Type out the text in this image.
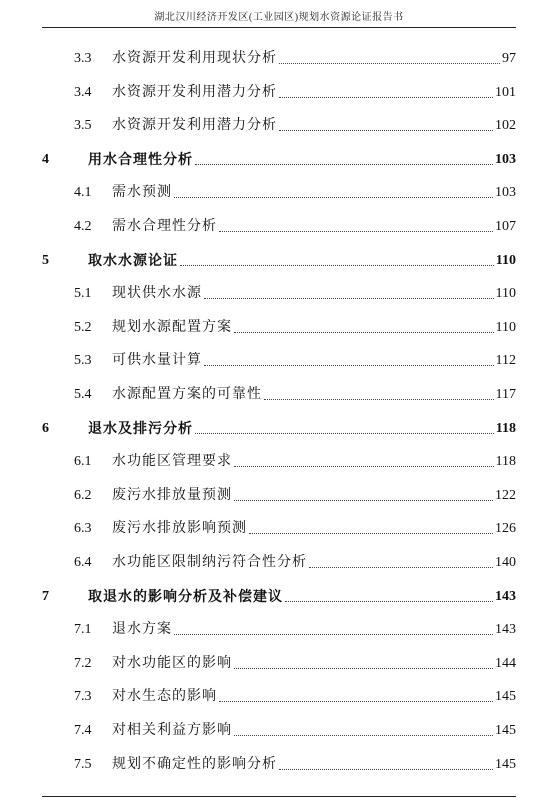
湖北汉川经济开发区(工业园区)规划水资源论证报告书
3.3 水资源开发利用现状分析	97
3.4 水资源开发利用潜力分析	101
3.5 水资源开发利用潜力分析	102
4	用水合理性分析	103
4.1 需水预测	103
4.2 需水合理性分析	107
5	取水水源论证	110
5.1 现状供水水源	110
5.2 规划水源配置方案	110
5.3 可供水量计算	112
5.4 水源配置方案的可靠性	117
6	退水及排污分析	118
6.1 水功能区管理要求	118
6.2 废污水排放量预测	122
6.3 废污水排放影响预测	126
6.4 水功能区限制纳污符合性分析	140
7	取退水的影响分析及补偿建议	143
7.1 退水方案	143
7.2 对水功能区的影响	144
7.3 对水生态的影响	145
7.4 对相关利益方影响	145
7.5 规划不确定性的影响分析	145
